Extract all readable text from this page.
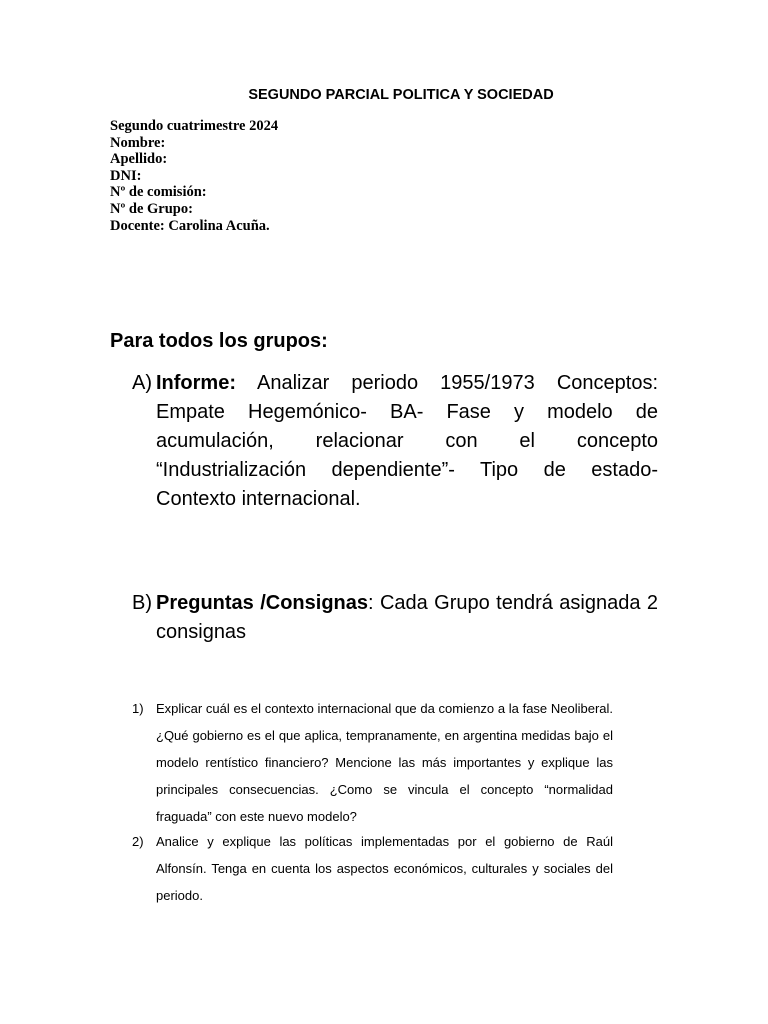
SEGUNDO PARCIAL POLITICA Y SOCIEDAD
Segundo cuatrimestre 2024
Nombre:
Apellido:
DNI:
Nº de comisión:
Nº de Grupo:
Docente: Carolina Acuña.
Para todos los grupos:
A) Informe: Analizar periodo 1955/1973 Conceptos: Empate Hegemónico- BA- Fase y modelo de acumulación, relacionar con el concepto “Industrialización dependiente”- Tipo de estado- Contexto internacional.
B) Preguntas /Consignas: Cada Grupo tendrá asignada 2 consignas
1) Explicar cuál es el contexto internacional que da comienzo a la fase Neoliberal. ¿Qué gobierno es el que aplica, tempranamente, en argentina medidas bajo el modelo rentístico financiero? Mencione las más importantes y explique las principales consecuencias. ¿Como se vincula el concepto “normalidad fraguada” con este nuevo modelo?
2) Analice y explique las políticas implementadas por el gobierno de Raúl Alfonsín. Tenga en cuenta los aspectos económicos, culturales y sociales del periodo.
